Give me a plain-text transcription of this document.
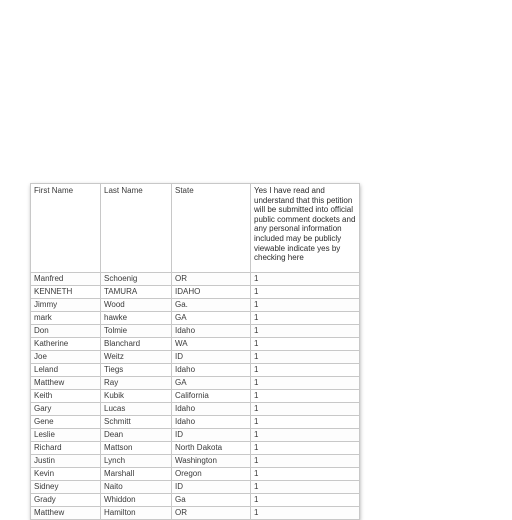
First Name	Last Name	State	Yes I have read and understand that this petition will be submitted into official public comment dockets and any personal information included may be publicly viewable indicate yes by checking here
Manfred	Schoenig	OR	1
KENNETH	TAMURA	IDAHO	1
Jimmy	Wood	Ga.	1
mark	hawke	GA	1
Don	Tolmie	Idaho	1
Katherine	Blanchard	WA	1
Joe	Weitz	ID	1
Leland	Tiegs	Idaho	1
Matthew	Ray	GA	1
Keith	Kubik	California	1
Gary	Lucas	Idaho	1
Gene	Schmitt	Idaho	1
Leslie	Dean	ID	1
Richard	Mattson	North Dakota	1
Justin	Lynch	Washington	1
Kevin	Marshall	Oregon	1
Sidney	Naito	ID	1
Grady	Whiddon	Ga	1
Matthew	Hamilton	OR	1
